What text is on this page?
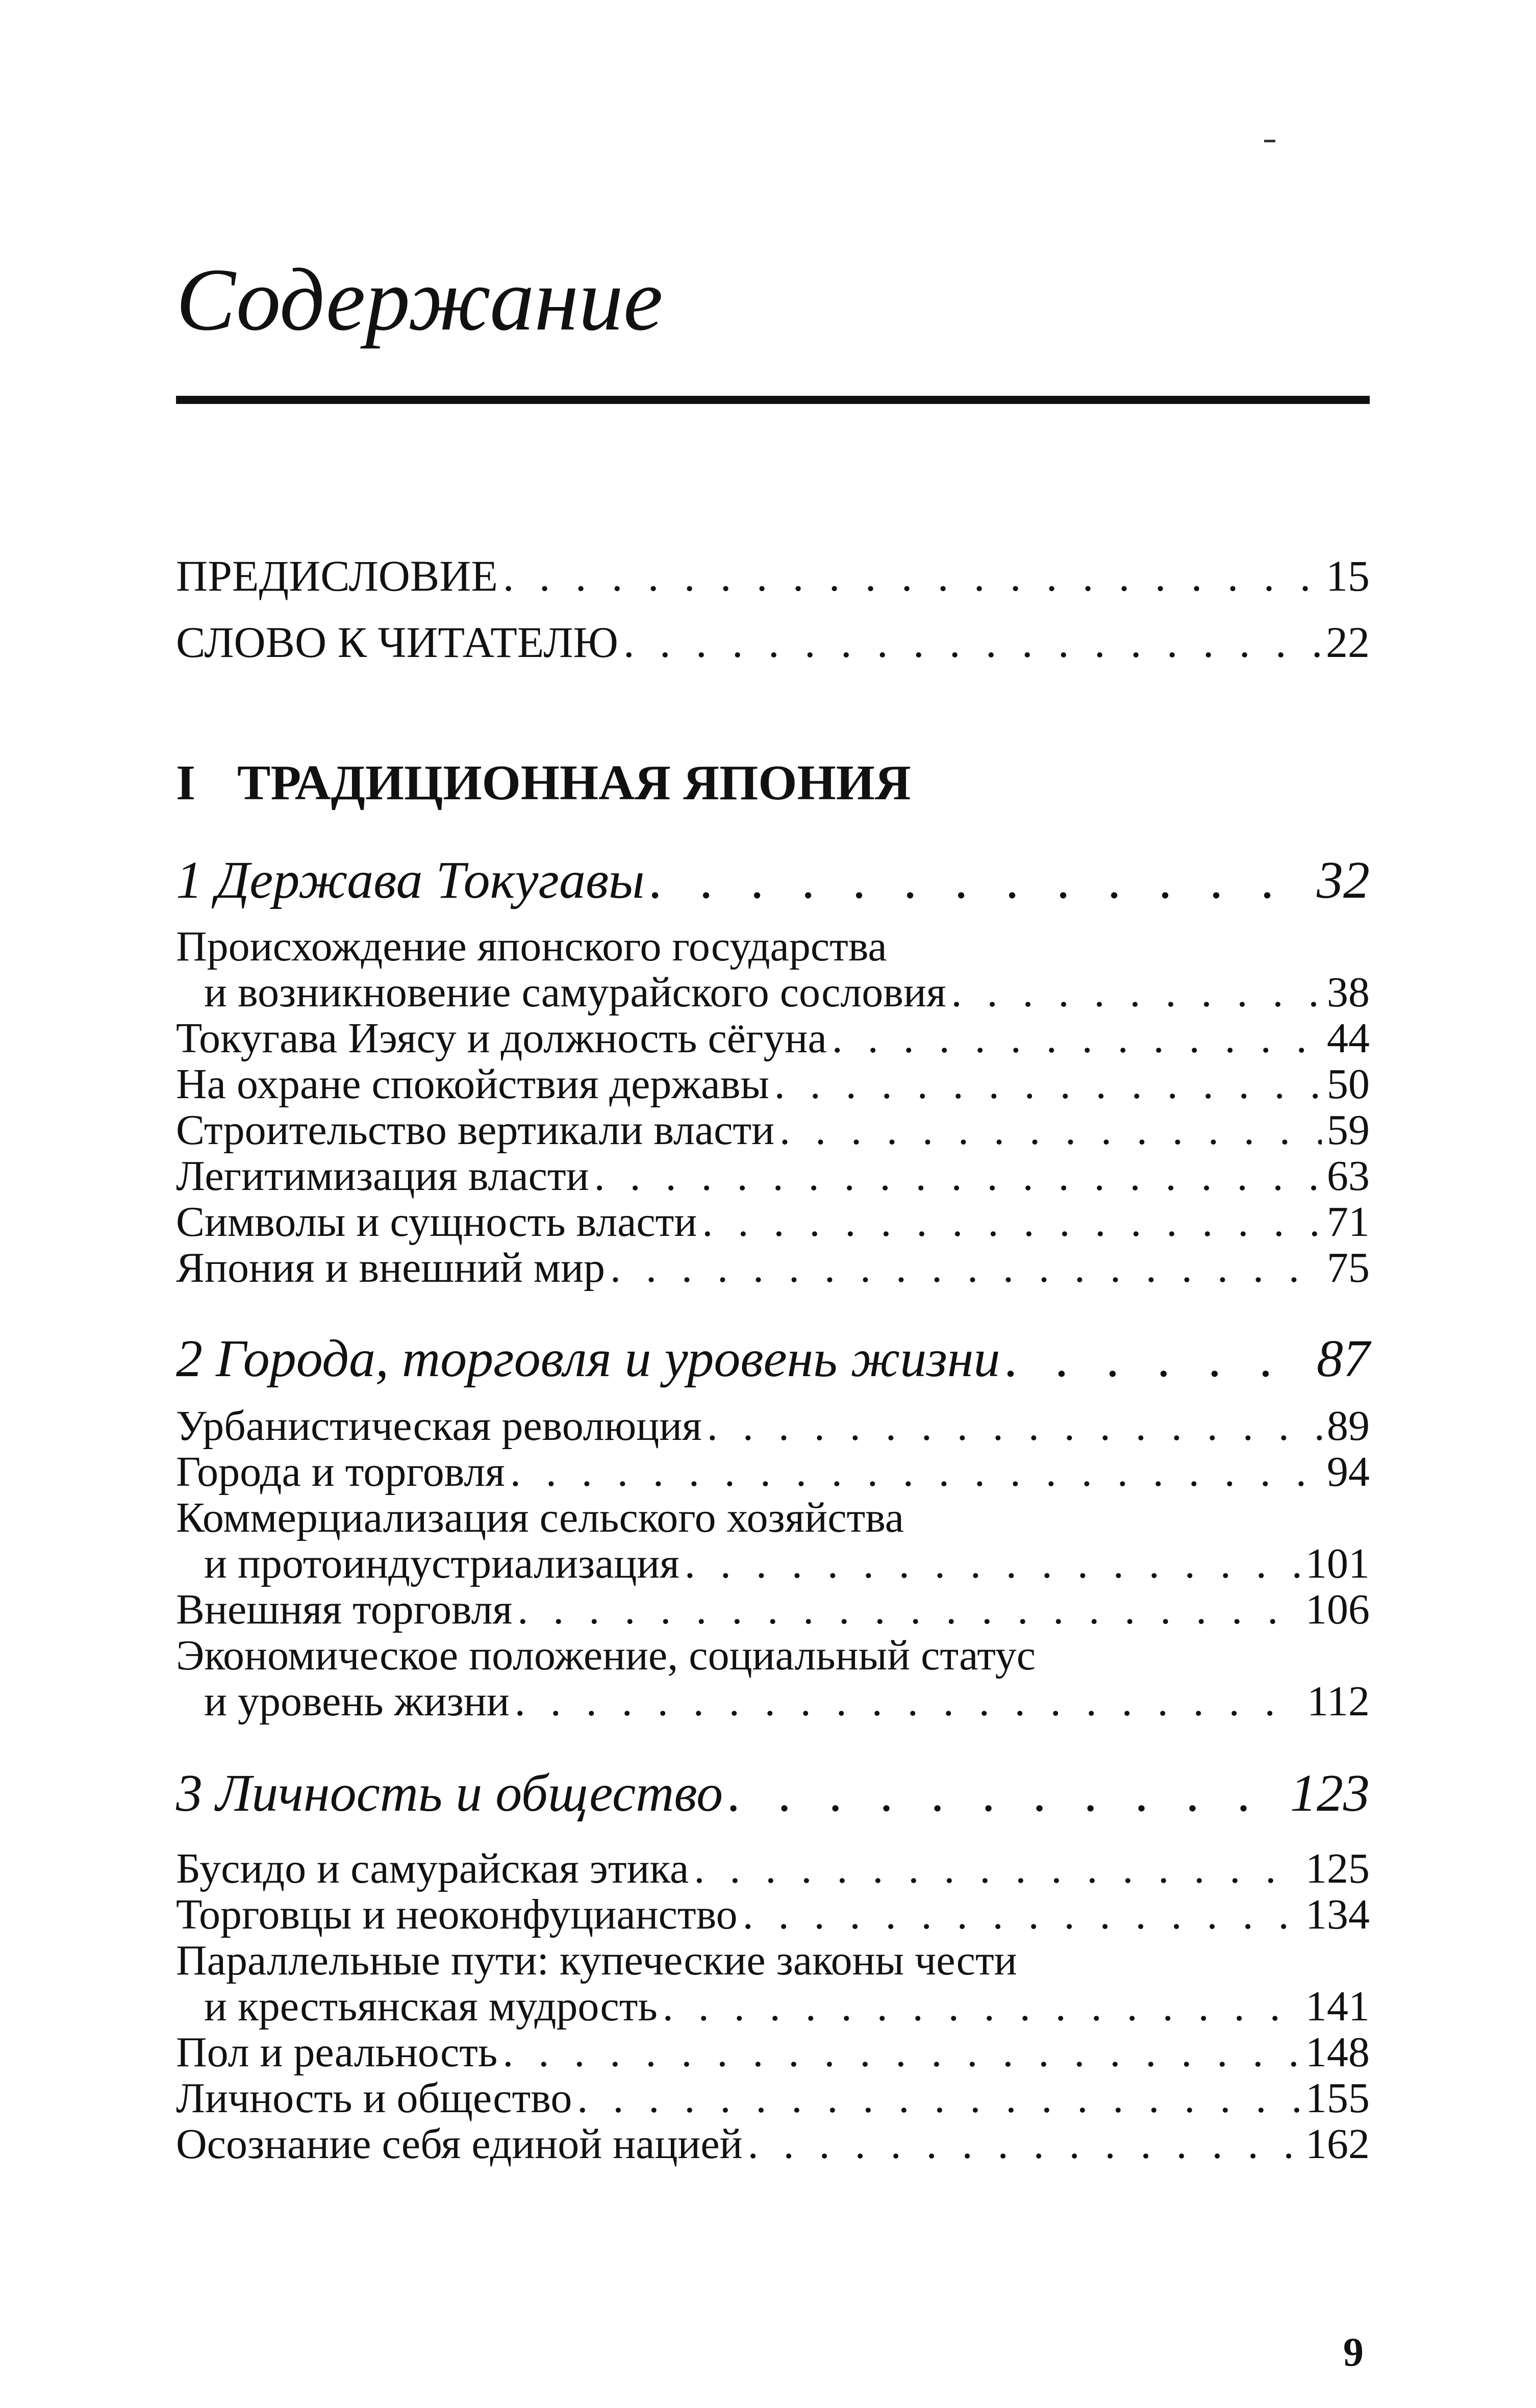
Содержание
ПРЕДИСЛОВИЕ . . .	15
СЛОВО К ЧИТАТЕЛЮ . . .	22
I ТРАДИЦИОННАЯ ЯПОНИЯ
1 Держава Токугавы . . .	32
Происхождение японского государства
и возникновение самурайского сословия . . .	38
Токугава Иэясу и должность сёгуна . . .	44
На охране спокойствия державы . . .	50
Строительство вертикали власти . . .	59
Легитимизация власти . . .	63
Символы и сущность власти . . .	71
Япония и внешний мир . . .	75
2 Города, торговля и уровень жизни . . .	87
Урбанистическая революция . . .	89
Города и торговля . . .	94
Коммерциализация сельского хозяйства
и протоиндустриализация . . .	101
Внешняя торговля . . .	106
Экономическое положение, социальный статус
и уровень жизни . . .	112
3 Личность и общество . . .	123
Бусидо и самурайская этика . . .	125
Торговцы и неоконфуцианство . . .	134
Параллельные пути: купеческие законы чести
и крестьянская мудрость . . .	141
Пол и реальность . . .	148
Личность и общество . . .	155
Осознание себя единой нацией . . .	162
9
